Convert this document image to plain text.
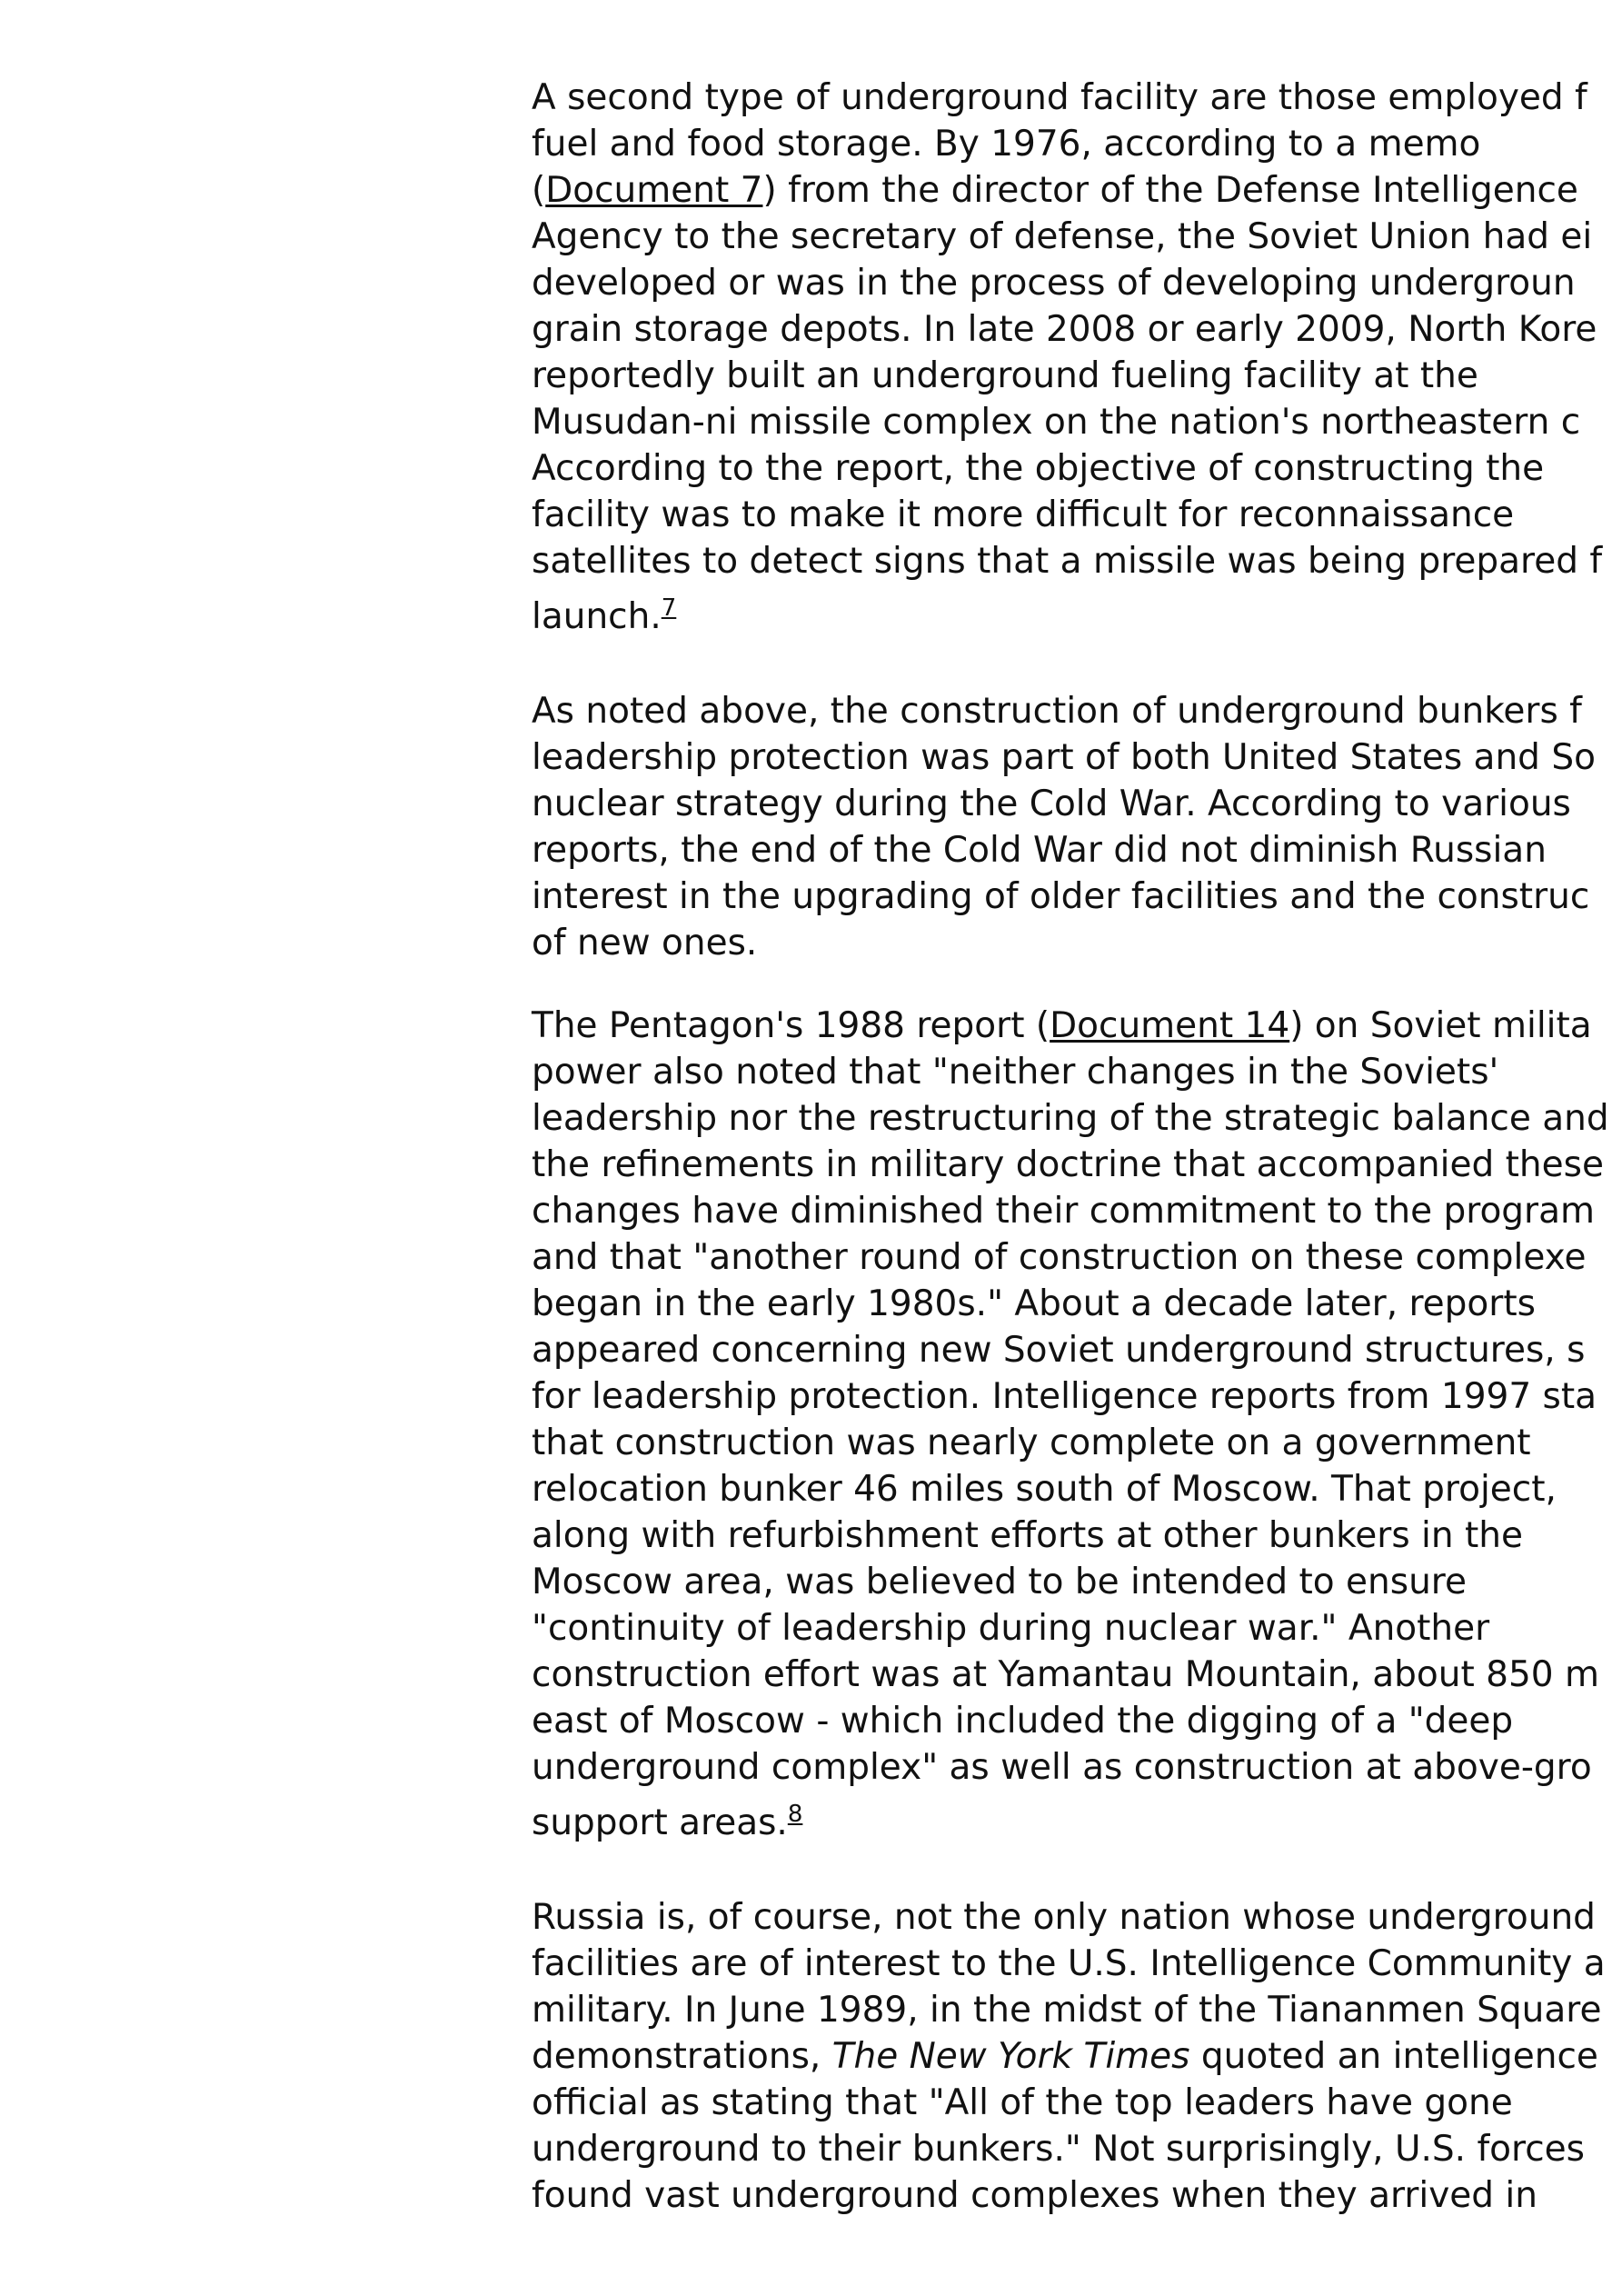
A second type of underground facility are those employed f
fuel and food storage. By 1976, according to a memo
(Document 7) from the director of the Defense Intelligence
Agency to the secretary of defense, the Soviet Union had ei
developed or was in the process of developing undergroun
grain storage depots. In late 2008 or early 2009, North Kore
reportedly built an underground fueling facility at the
Musudan-ni missile complex on the nation's northeastern c
According to the report, the objective of constructing the
facility was to make it more difficult for reconnaissance
satellites to detect signs that a missile was being prepared f
launch.$^7$
As noted above, the construction of underground bunkers f
leadership protection was part of both United States and So
nuclear strategy during the Cold War. According to various
reports, the end of the Cold War did not diminish Russian
interest in the upgrading of older facilities and the construc
of new ones.
The Pentagon's 1988 report (Document 14) on Soviet milita
power also noted that "neither changes in the Soviets'
leadership nor the restructuring of the strategic balance and
the refinements in military doctrine that accompanied these
changes have diminished their commitment to the program
and that "another round of construction on these complexe
began in the early 1980s." About a decade later, reports
appeared concerning new Soviet underground structures, s
for leadership protection. Intelligence reports from 1997 sta
that construction was nearly complete on a government
relocation bunker 46 miles south of Moscow. That project,
along with refurbishment efforts at other bunkers in the
Moscow area, was believed to be intended to ensure
"continuity of leadership during nuclear war." Another
construction effort was at Yamantau Mountain, about 850 m
east of Moscow - which included the digging of a "deep
underground complex" as well as construction at above-gro
support areas.$^8$
Russia is, of course, not the only nation whose underground
facilities are of interest to the U.S. Intelligence Community a
military. In June 1989, in the midst of the Tiananmen Square
demonstrations, The New York Times quoted an intelligence
official as stating that "All of the top leaders have gone
underground to their bunkers." Not surprisingly, U.S. forces
found vast underground complexes when they arrived in
